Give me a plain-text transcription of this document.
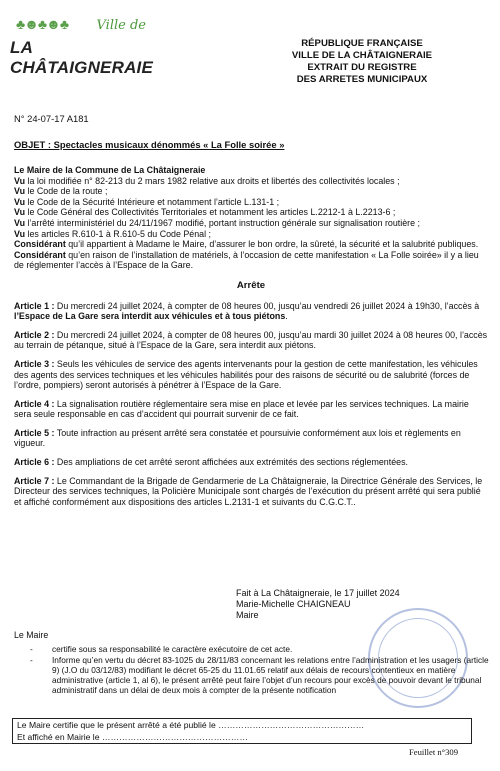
♣☻♣☻♣ Ville de
LA CHÂTAIGNERAIE
RÉPUBLIQUE FRANÇAISE
VILLE DE LA CHÂTAIGNERAIE
EXTRAIT DU REGISTRE
DES ARRETES MUNICIPAUX
N° 24-07-17 A181
OBJET : Spectacles musicaux dénommés « La Folle soirée »

Le Maire de la Commune de La Châtaigneraie

Vu la loi modifiée n° 82-213 du 2 mars 1982 relative aux droits et libertés des collectivités locales ;

Vu le Code de la route ;

Vu le Code de la Sécurité Intérieure et notamment l’article L.131-1 ;

Vu le Code Général des Collectivités Territoriales et notamment les articles L.2212-1 à L.2213-6 ;

Vu l’arrêté interministériel du 24/11/1967 modifié, portant instruction générale sur signalisation routière ;

Vu les articles R.610-1 à R.610-5 du Code Pénal ;

Considérant qu’il appartient à Madame le Maire, d’assurer le bon ordre, la sûreté, la sécurité et la salubrité publiques.

Considérant qu’en raison de l’installation de matériels, à l’occasion de cette manifestation « La Folle soirée» il y a lieu de réglementer l’accès à l’Espace de la Gare.

Arrête

Article 1 : Du mercredi 24 juillet 2024, à compter de 08 heures 00, jusqu’au vendredi 26 juillet 2024 à 19h30, l’accès à l’Espace de La Gare sera interdit aux véhicules et à tous piétons.

Article 2 : Du mercredi 24 juillet 2024, à compter de 08 heures 00, jusqu’au mardi 30 juillet 2024 à 08 heures 00, l’accès au terrain de pétanque, situé à l’Espace de la Gare, sera interdit aux piétons.

Article 3 : Seuls les véhicules de service des agents intervenants pour la gestion de cette manifestation, les véhicules des agents des services techniques et les véhicules habilités pour des raisons de sécurité ou de salubrité (forces de l’ordre, pompiers) seront autorisés à pénétrer à l’Espace de la Gare.

Article 4 : La signalisation routière réglementaire sera mise en place et levée par les services techniques. La mairie sera seule responsable en cas d’accident qui pourrait survenir de ce fait.

Article 5 : Toute infraction au présent arrêté sera constatée et poursuivie conformément aux lois et règlements en vigueur.

Article 6 : Des ampliations de cet arrêté seront affichées aux extrémités des sections réglementées.

Article 7 : Le Commandant de la Brigade de Gendarmerie de La Châtaigneraie, la Directrice Générale des Services, le Directeur des services techniques, la Policière Municipale sont chargés de l’exécution du présent arrêté qui sera publié et affiché conformément aux dispositions des articles L.2131-1 et suivants du C.G.C.T..

Fait à La Châtaigneraie, le 17 juillet 2024
Marie-Michelle CHAIGNEAU
Maire
Le Maire
- certifie sous sa responsabilité le caractère exécutoire de cet acte.
- Informe qu’en vertu du décret 83-1025 du 28/11/83 concernant les relations entre l’administration et les usagers (article 9) (J.O du 03/12/83) modifiant le décret 65-25 du 11.01.65 relatif aux délais de recours contentieux en matière administrative (article 1, al 6), le présent arrêté peut faire l’objet d’un recours pour excès de pouvoir devant le tribunal administratif dans un délai de deux mois à compter de la présente notification
Le Maire certifie que le présent arrêté a été publié le ……………………………………………
Et affiché en Mairie le ……………………………………………
Feuillet n°309
